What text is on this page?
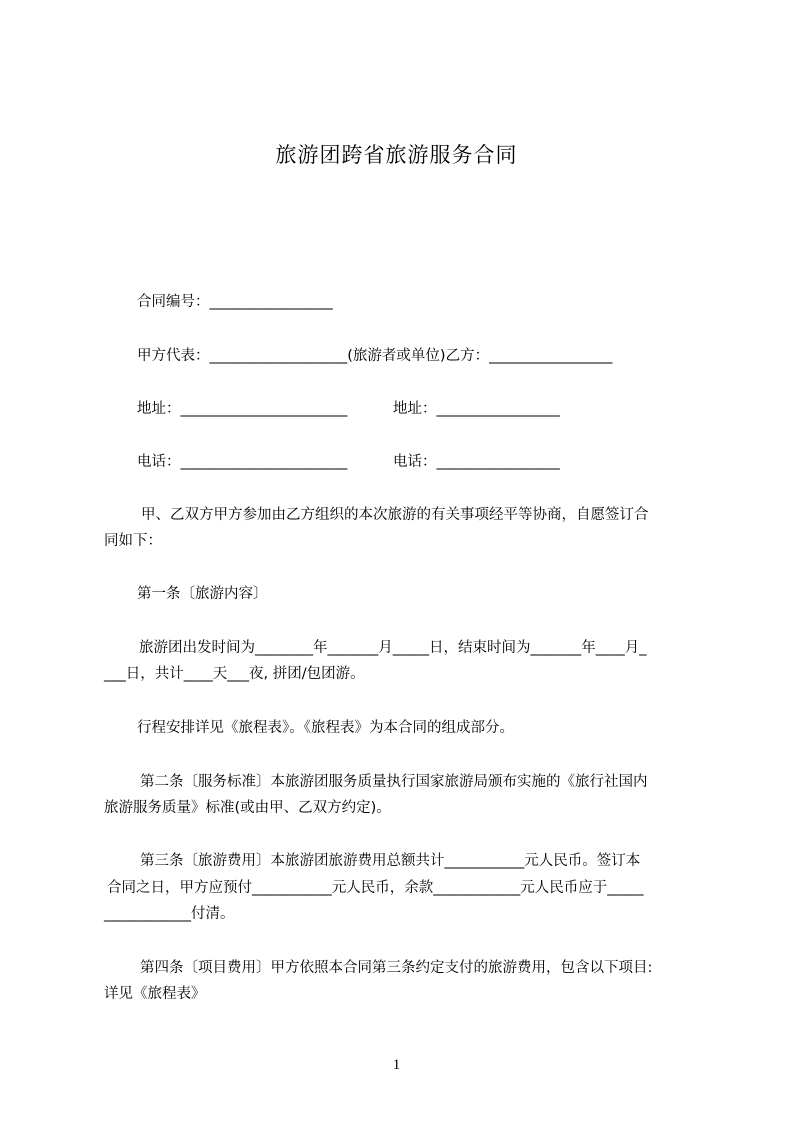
旅游团跨省旅游服务合同
合同编号：_________________
甲方代表：___________________(旅游者或单位)乙方：_________________
地址：_______________________	地址：_________________
电话：_______________________	电话：_________________
甲、乙双方甲方参加由乙方组织的本次旅游的有关事项经平等协商，自愿签订合
同如下：
第一条〔旅游内容〕
旅游团出发时间为________年_______月_____日，结束时间为_______年____月_
___日，共计____天___夜, 拼团/包团游。
行程安排详见《旅程表》。《旅程表》为本合同的组成部分。
第二条〔服务标准〕本旅游团服务质量执行国家旅游局颁布实施的《旅行社国内
旅游服务质量》标准(或由甲、乙双方约定)。
第三条〔旅游费用〕本旅游团旅游费用总额共计___________元人民币。签订本
合同之日，甲方应预付___________元人民币，余款____________元人民币应于_____
____________付清。
第四条〔项目费用〕甲方依照本合同第三条约定支付的旅游费用，包含以下项目:
详见《旅程表》
1
